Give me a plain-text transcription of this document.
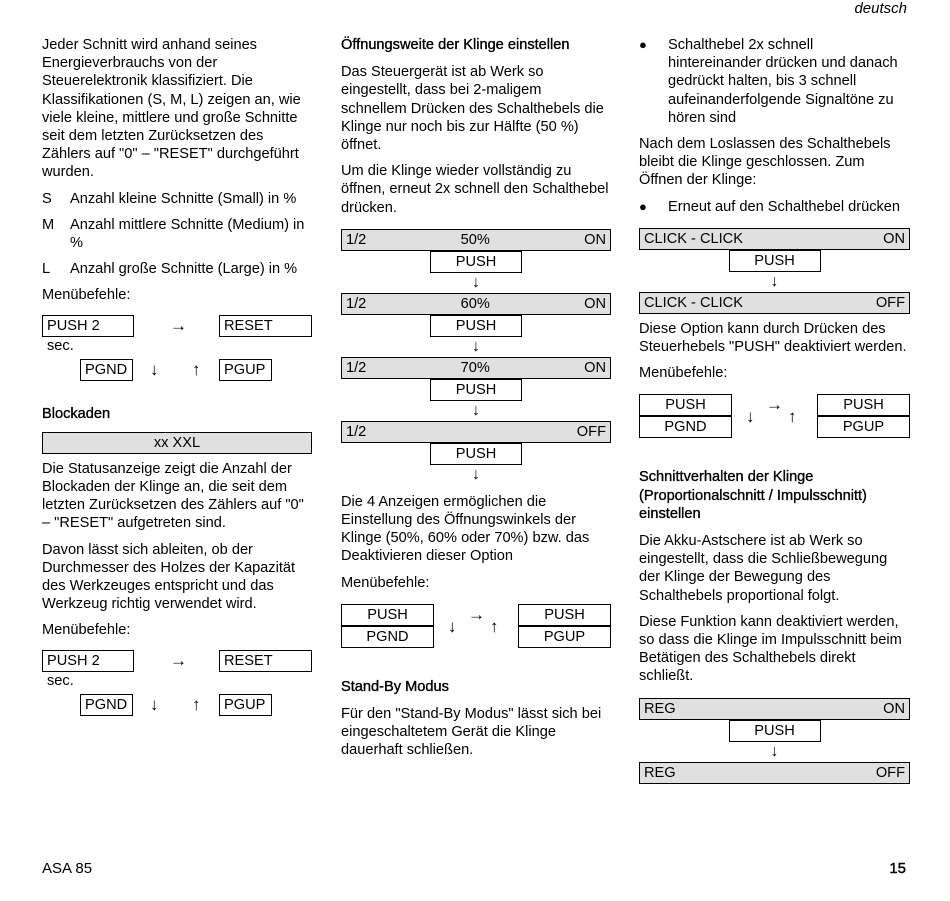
deutsch

Jeder Schnitt wird anhand seines Energieverbrauchs von der Steuerelektronik klassifiziert. Die Klassifikationen (S, M, L) zeigen an, wie viele kleine, mittlere und große Schnitte seit dem letzten Zurücksetzen des Zählers auf "0" – "RESET" durchgeführt wurden.

S	Anzahl kleine Schnitte (Small) in %
M	Anzahl mittlere Schnitte (Medium) in %
L	Anzahl große Schnitte (Large) in %

Menübefehle:

PUSH 2 sec.
→	RESET
PGND	↓ ↑	PGUP
Blockaden
xx XXL

Die Statusanzeige zeigt die Anzahl der Blockaden der Klinge an, die seit dem letzten Zurücksetzen des Zählers auf "0" – "RESET" aufgetreten sind.

Davon lässt sich ableiten, ob der Durchmesser des Holzes der Kapazität des Werkzeuges entspricht und das Werkzeug richtig verwendet wird.

Menübefehle:

PUSH 2 sec.
→	RESET
PGND	↓ ↑	PGUP
Öffnungsweite der Klinge einstellen

Das Steuergerät ist ab Werk so eingestellt, dass bei 2-maligem schnellem Drücken des Schalthebels die Klinge nur noch bis zur Hälfte (50 %) öffnet.

Um die Klinge wieder vollständig zu öffnen, erneut 2x schnell den Schalthebel drücken.

1/2	50%	ON
PUSH
↓
1/2	60%	ON
PUSH
↓
1/2	70%	ON
PUSH
↓
1/2	OFF
PUSH
↓

Die 4 Anzeigen ermöglichen die Einstellung des Öffnungswinkels der Klinge (50%, 60% oder 70%) bzw. das Deaktivieren dieser Option

Menübefehle:

PUSH
PGND
→
↓ ↑
PUSH
PGUP
Stand-By Modus

Für den "Stand-By Modus" lässt sich bei eingeschaltetem Gerät die Klinge dauerhaft schließen.

●	Schalthebel 2x schnell hintereinander drücken und danach gedrückt halten, bis 3 schnell aufeinanderfolgende Signaltöne zu hören sind

Nach dem Loslassen des Schalthebels bleibt die Klinge geschlossen. Zum Öffnen der Klinge:

●	Erneut auf den Schalthebel drücken
CLICK - CLICK	ON
PUSH
↓
CLICK - CLICK	OFF

Diese Option kann durch Drücken des Steuerhebels "PUSH" deaktiviert werden.

Menübefehle:

PUSH
PGND
→
↓ ↑
PUSH
PGUP
Schnittverhalten der Klinge (Proportionalschnitt / Impulsschnitt) einstellen

Die Akku-Astschere ist ab Werk so eingestellt, dass die Schließbewegung der Klinge der Bewegung des Schalthebels proportional folgt.

Diese Funktion kann deaktiviert werden, so dass die Klinge im Impulsschnitt beim Betätigen des Schalthebels direkt schließt.

REG	ON
PUSH
↓
REG	OFF
ASA 85	15
